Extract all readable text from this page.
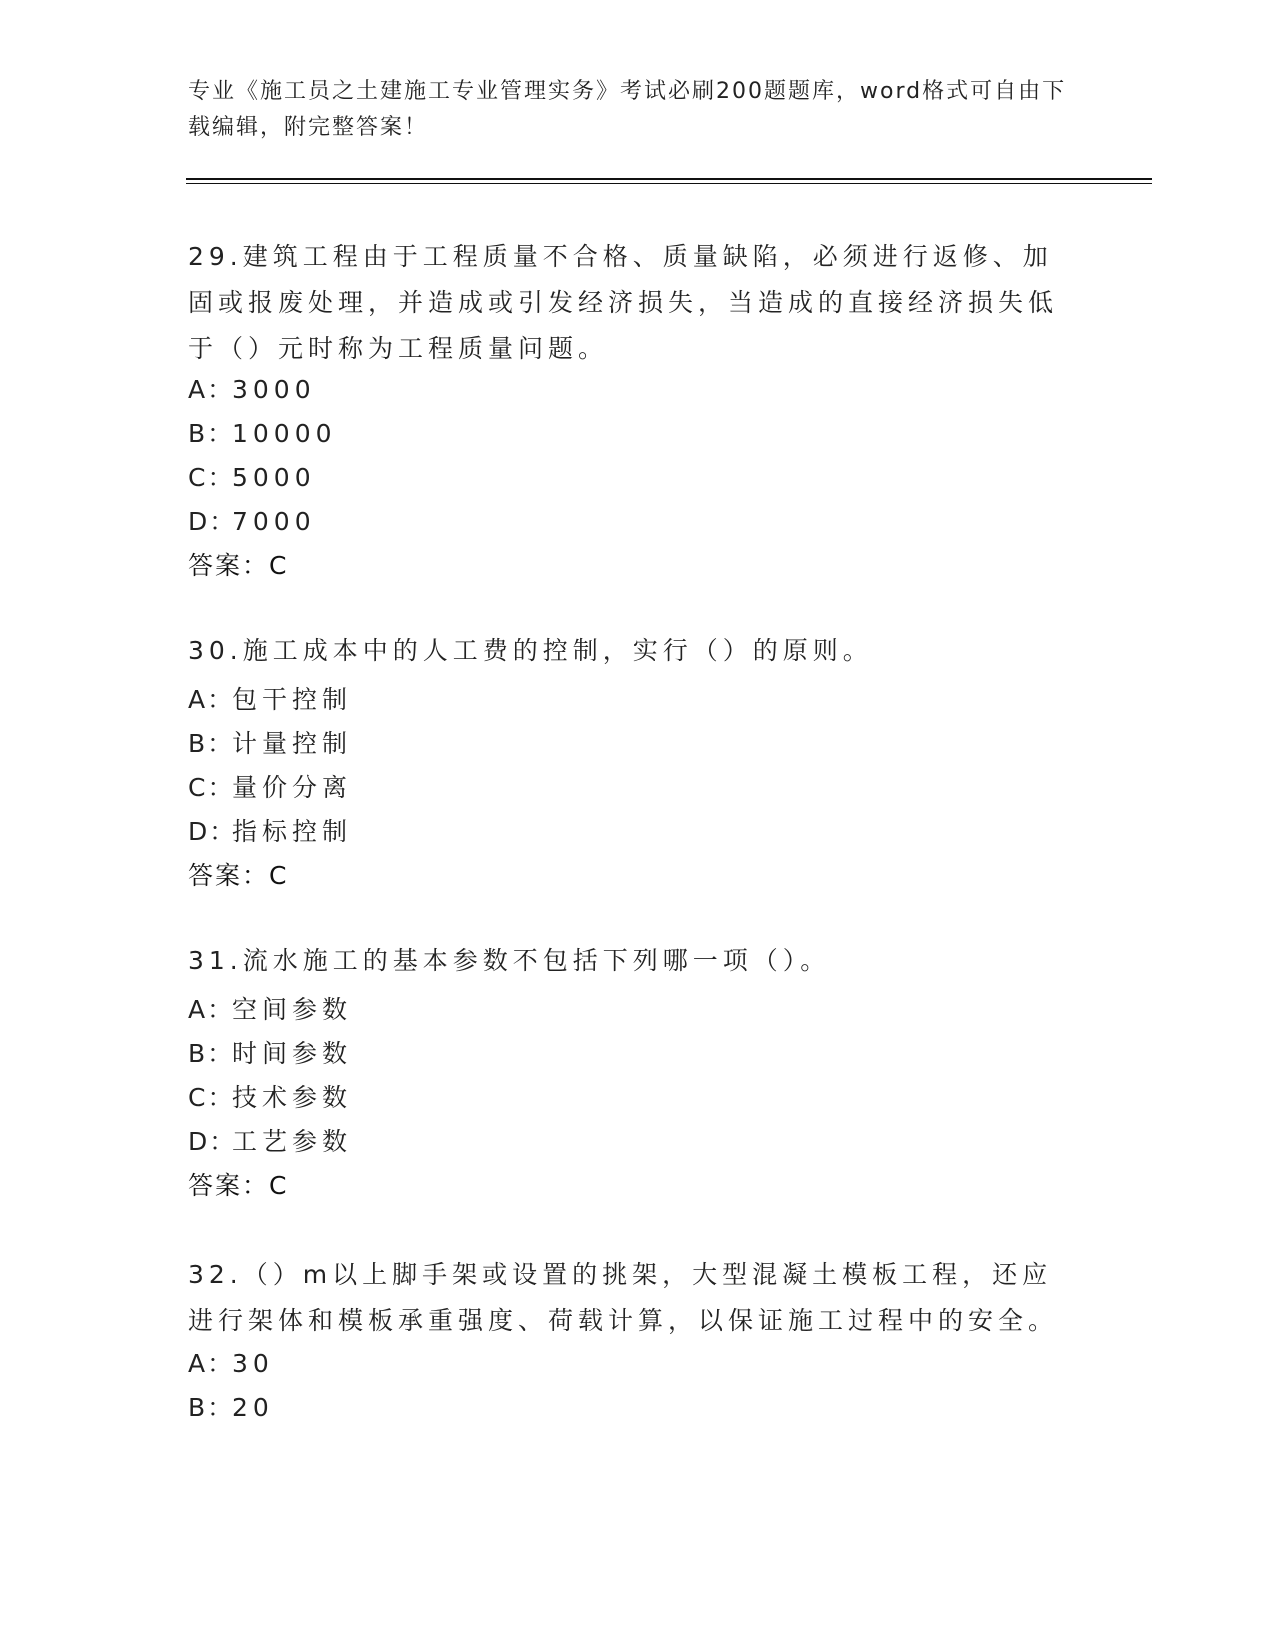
专业《施工员之土建施工专业管理实务》考试必刷200题题库，word格式可自由下载编辑，附完整答案！
29.建筑工程由于工程质量不合格、质量缺陷，必须进行返修、加固或报废处理，并造成或引发经济损失，当造成的直接经济损失低于（）元时称为工程质量问题。
A：3000
B：10000
C：5000
D：7000
答案：C
30.施工成本中的人工费的控制，实行（）的原则。
A：包干控制
B：计量控制
C：量价分离
D：指标控制
答案：C
31.流水施工的基本参数不包括下列哪一项（）。
A：空间参数
B：时间参数
C：技术参数
D：工艺参数
答案：C
32.（）m以上脚手架或设置的挑架，大型混凝土模板工程，还应进行架体和模板承重强度、荷载计算，以保证施工过程中的安全。
A：30
B：20
